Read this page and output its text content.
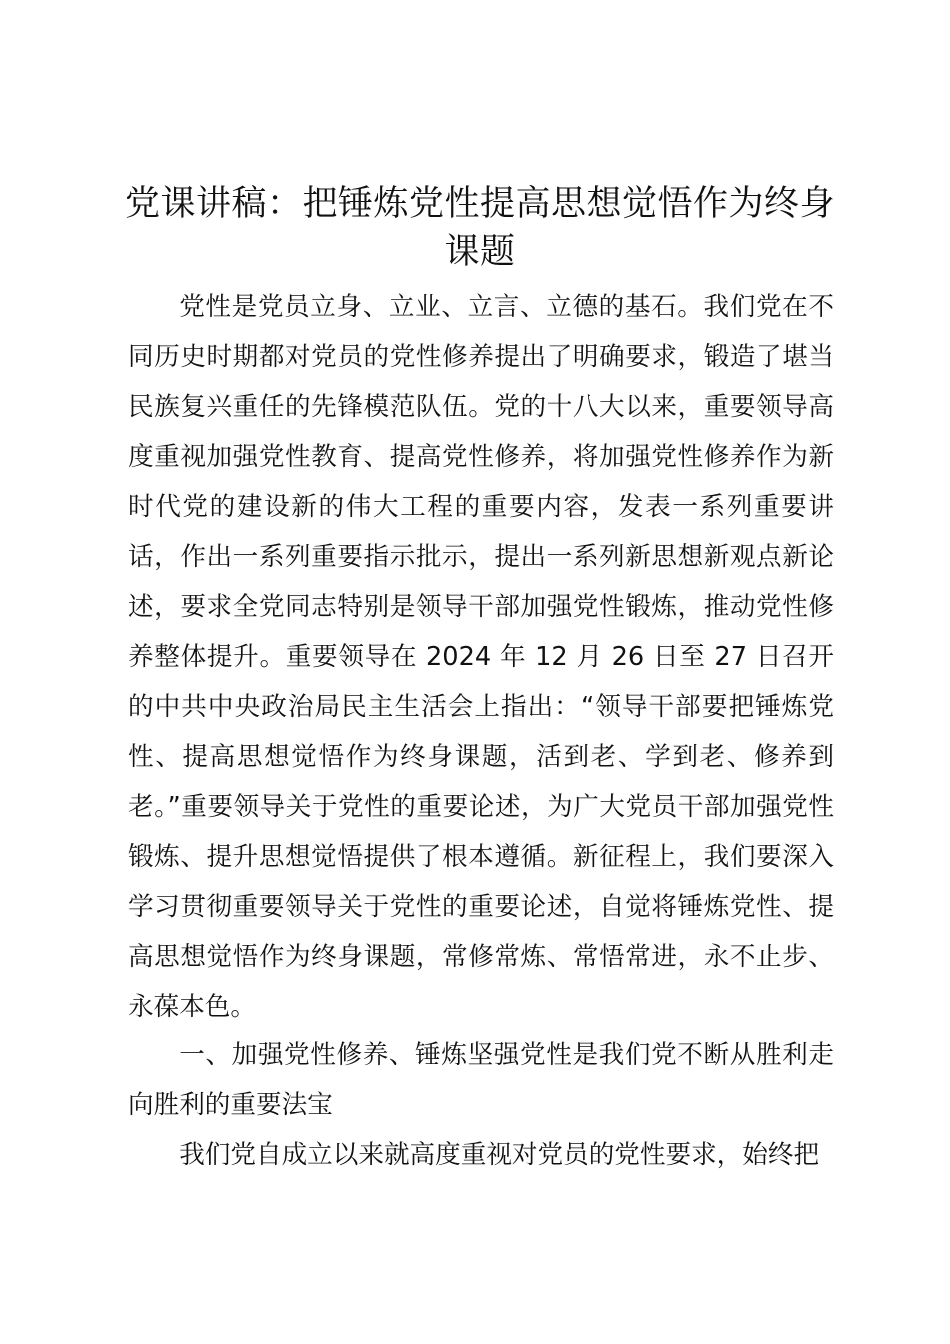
党课讲稿：把锤炼党性提高思想觉悟作为终身课题

党性是党员立身、立业、立言、立德的基石。我们党在不同历史时期都对党员的党性修养提出了明确要求，锻造了堪当民族复兴重任的先锋模范队伍。党的十八大以来，重要领导高度重视加强党性教育、提高党性修养，将加强党性修养作为新时代党的建设新的伟大工程的重要内容，发表一系列重要讲话，作出一系列重要指示批示，提出一系列新思想新观点新论述，要求全党同志特别是领导干部加强党性锻炼，推动党性修养整体提升。重要领导在 2024 年 12 月 26 日至 27 日召开的中共中央政治局民主生活会上指出：“领导干部要把锤炼党性、提高思想觉悟作为终身课题，活到老、学到老、修养到老。”重要领导关于党性的重要论述，为广大党员干部加强党性锻炼、提升思想觉悟提供了根本遵循。新征程上，我们要深入学习贯彻重要领导关于党性的重要论述，自觉将锤炼党性、提高思想觉悟作为终身课题，常修常炼、常悟常进，永不止步、永葆本色。

一、加强党性修养、锤炼坚强党性是我们党不断从胜利走向胜利的重要法宝

我们党自成立以来就高度重视对党员的党性要求，始终把
